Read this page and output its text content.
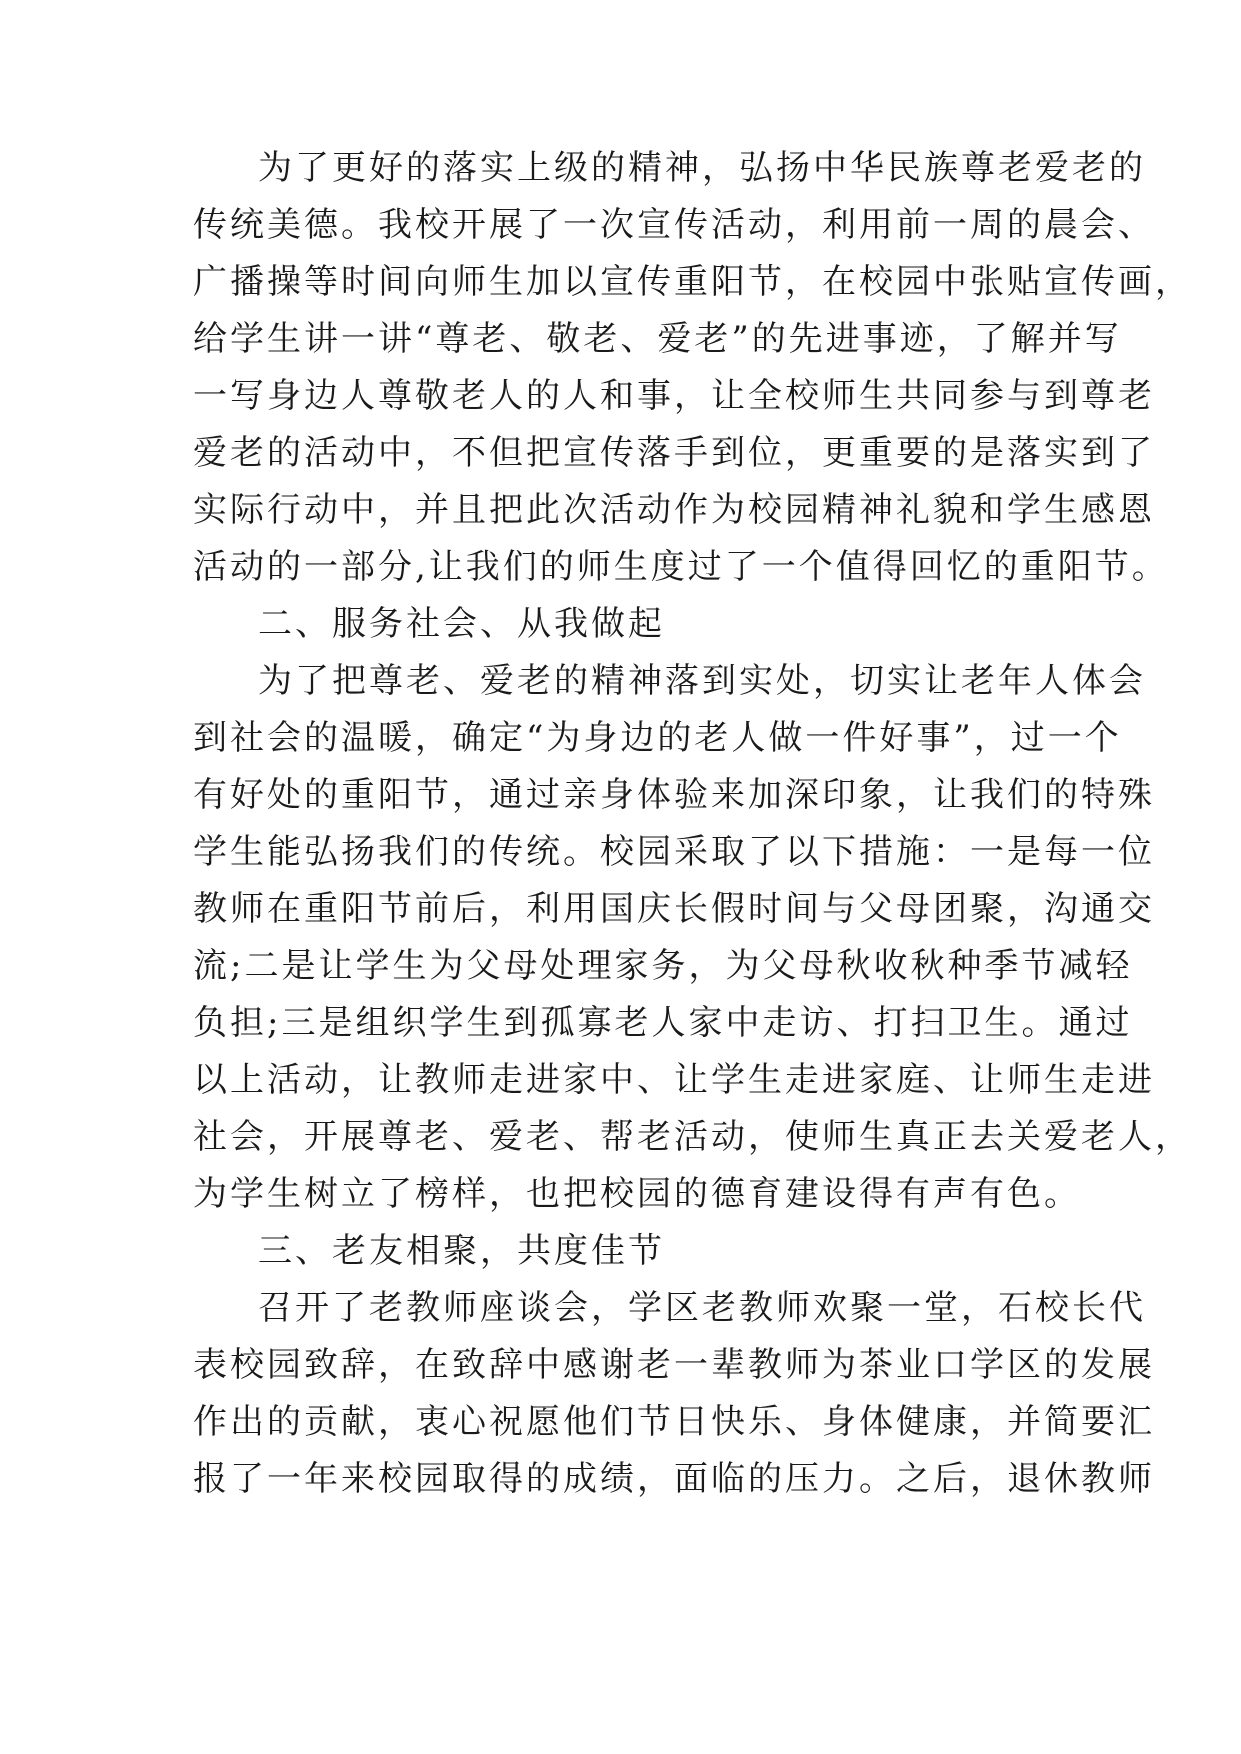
为了更好的落实上级的精神，弘扬中华民族尊老爱老的
传统美德。我校开展了一次宣传活动，利用前一周的晨会、
广播操等时间向师生加以宣传重阳节，在校园中张贴宣传画，
给学生讲一讲“尊老、敬老、爱老”的先进事迹，了解并写
一写身边人尊敬老人的人和事，让全校师生共同参与到尊老
爱老的活动中，不但把宣传落手到位，更重要的是落实到了
实际行动中，并且把此次活动作为校园精神礼貌和学生感恩
活动的一部分,让我们的师生度过了一个值得回忆的重阳节。
二、服务社会、从我做起
为了把尊老、爱老的精神落到实处，切实让老年人体会
到社会的温暖，确定“为身边的老人做一件好事”，过一个
有好处的重阳节，通过亲身体验来加深印象，让我们的特殊
学生能弘扬我们的传统。校园采取了以下措施：一是每一位
教师在重阳节前后，利用国庆长假时间与父母团聚，沟通交
流;二是让学生为父母处理家务，为父母秋收秋种季节减轻
负担;三是组织学生到孤寡老人家中走访、打扫卫生。通过
以上活动，让教师走进家中、让学生走进家庭、让师生走进
社会，开展尊老、爱老、帮老活动，使师生真正去关爱老人，
为学生树立了榜样，也把校园的德育建设得有声有色。
三、老友相聚，共度佳节
召开了老教师座谈会，学区老教师欢聚一堂，石校长代
表校园致辞，在致辞中感谢老一辈教师为茶业口学区的发展
作出的贡献，衷心祝愿他们节日快乐、身体健康，并简要汇
报了一年来校园取得的成绩，面临的压力。之后，退休教师
